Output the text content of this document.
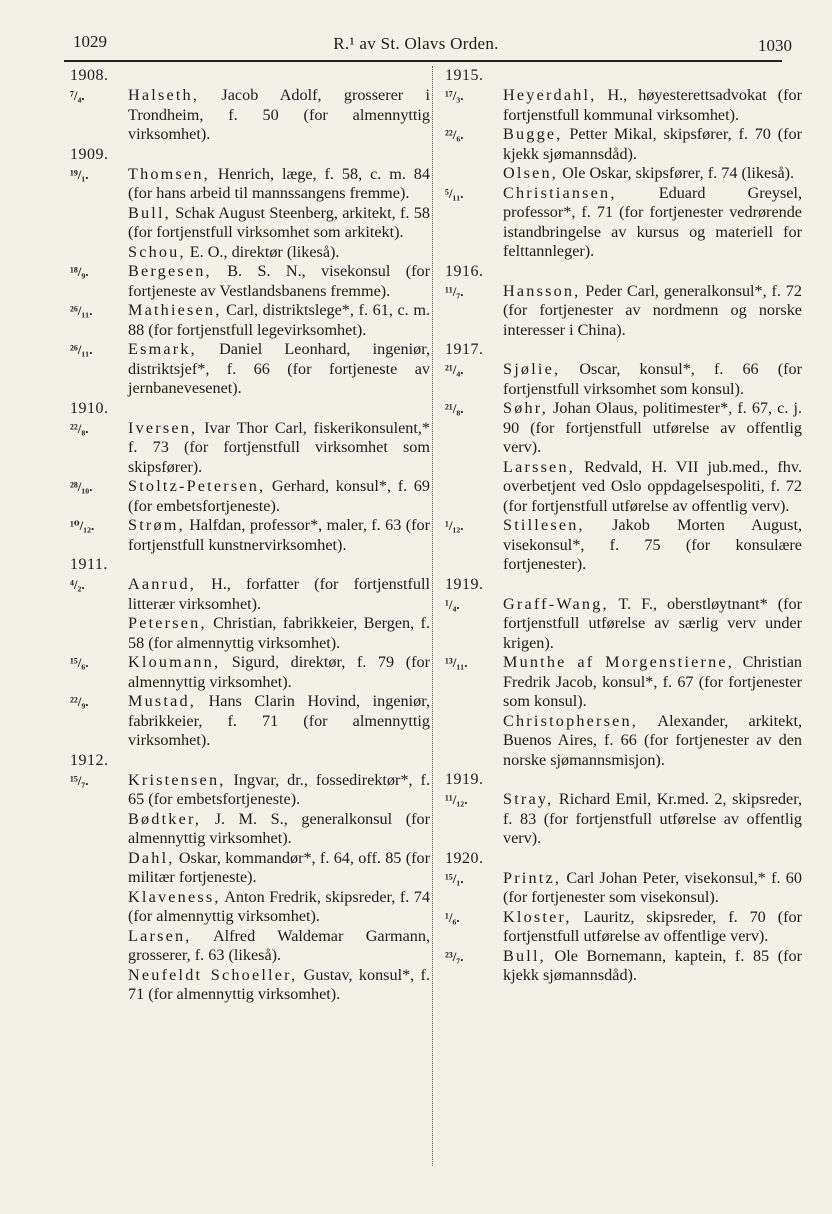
1029	R.¹ av St. Olavs Orden.	1030
1908.
⁷/₄.	Halseth, Jacob Adolf, grosserer i Trondheim, f. 50 (for almennyttig virksomhet).
1909.
¹⁹/₁. Thomsen, Henrich, læge, f. 58, c. m. 84 (for hans arbeid til mannssangens fremme).
Bull, Schak August Steenberg, arkitekt, f. 58 (for fortjenstfull virksomhet som arkitekt).
Schou, E. O., direktør (likeså).
¹⁸/₉. Bergesen, B. S. N., visekonsul (for fortjeneste av Vestlandsbanens fremme).
²⁶/₁₁. Mathiesen, Carl, distriktslege*, f. 61, c. m. 88 (for fortjenstfull legevirksomhet).
²⁶/₁₁. Esmark, Daniel Leonhard, ingeniør, distriktsjef*, f. 66 (for fortjeneste av jernbanevesenet).
1910.
²²/₈. Iversen, Ivar Thor Carl, fiskerikonsulent,* f. 73 (for fortjenstfull virksomhet som skipsfører).
²⁸/₁₀. Stoltz-Petersen, Gerhard, konsul*, f. 69 (for embetsfortjeneste).
¹⁰/₁₂. Strøm, Halfdan, professor*, maler, f. 63 (for fortjenstfull kunstnervirksomhet).
1911.
⁴/₂.	Aanrud, H., forfatter (for fortjenstfull litterær virksomhet).
Petersen, Christian, fabrikkeier, Bergen, f. 58 (for almennyttig virksomhet).
¹⁵/₆. Kloumann, Sigurd, direktør, f. 79 (for almennyttig virksomhet).
²²/₉. Mustad, Hans Clarin Hovind, ingeniør, fabrikkeier, f. 71 (for almennyttig virksomhet).
1912.
¹⁵/₇. Kristensen, Ingvar, dr., fossedirektør*, f. 65 (for embetsfortjeneste).
Bødtker, J. M. S., generalkonsul (for almennyttig virksomhet).
Dahl, Oskar, kommandør*, f. 64, off. 85 (for militær fortjeneste).
Klaveness, Anton Fredrik, skipsreder, f. 74 (for almennyttig virksomhet).
Larsen, Alfred Waldemar Garmann, grosserer, f. 63 (likeså).
Neufeldt Schoeller, Gustav, konsul*, f. 71 (for almennyttig virksomhet).
1915.
¹⁷/₃. Heyerdahl, H., høyesterettsadvokat (for fortjenstfull kommunal virksomhet).
²²/₆. Bugge, Petter Mikal, skipsfører, f. 70 (for kjekk sjømannsdåd).
Olsen, Ole Oskar, skipsfører, f. 74 (likeså).
⁵/₁₁. Christiansen, Eduard Greysel, professor*, f. 71 (for fortjenester vedrørende istandbringelse av kursus og materiell for felttannleger).
1916.
¹¹/₇. Hansson, Peder Carl, generalkonsul*, f. 72 (for fortjenester av nordmenn og norske interesser i China).
1917.
²¹/₄. Sjølie, Oscar, konsul*, f. 66 (for fortjenstfull virksomhet som konsul).
²¹/₈. Søhr, Johan Olaus, politimester*, f. 67, c. j. 90 (for fortjenstfull utførelse av offentlig verv).
Larssen, Redvald, H. VII jub.med., fhv. overbetjent ved Oslo oppdagelsespoliti, f. 72 (for fortjenstfull utførelse av offentlig verv).
¹/₁₂. Stillesen, Jakob Morten August, visekonsul*, f. 75 (for konsulære fortjenester).
1919.
¹/₄.	Graff-Wang, T. F., oberstløytnant* (for fortjenstfull utførelse av særlig verv under krigen).
¹³/₁₁. Munthe af Morgenstierne, Christian Fredrik Jacob, konsul*, f. 67 (for fortjenester som konsul).
Christophersen, Alexander, arkitekt, Buenos Aires, f. 66 (for fortjenester av den norske sjømannsmisjon).
1919.
¹¹/₁₂. Stray, Richard Emil, Kr.med. 2, skipsreder, f. 83 (for fortjenstfull utførelse av offentlig verv).
1920.
¹⁵/₁. Printz, Carl Johan Peter, visekonsul,* f. 60 (for fortjenester som visekonsul).
¹/₆.	Kloster, Lauritz, skipsreder, f. 70 (for fortjenstfull utførelse av offentlige verv).
²³/₇. Bull, Ole Bornemann, kaptein, f. 85 (for kjekk sjømannsdåd).
